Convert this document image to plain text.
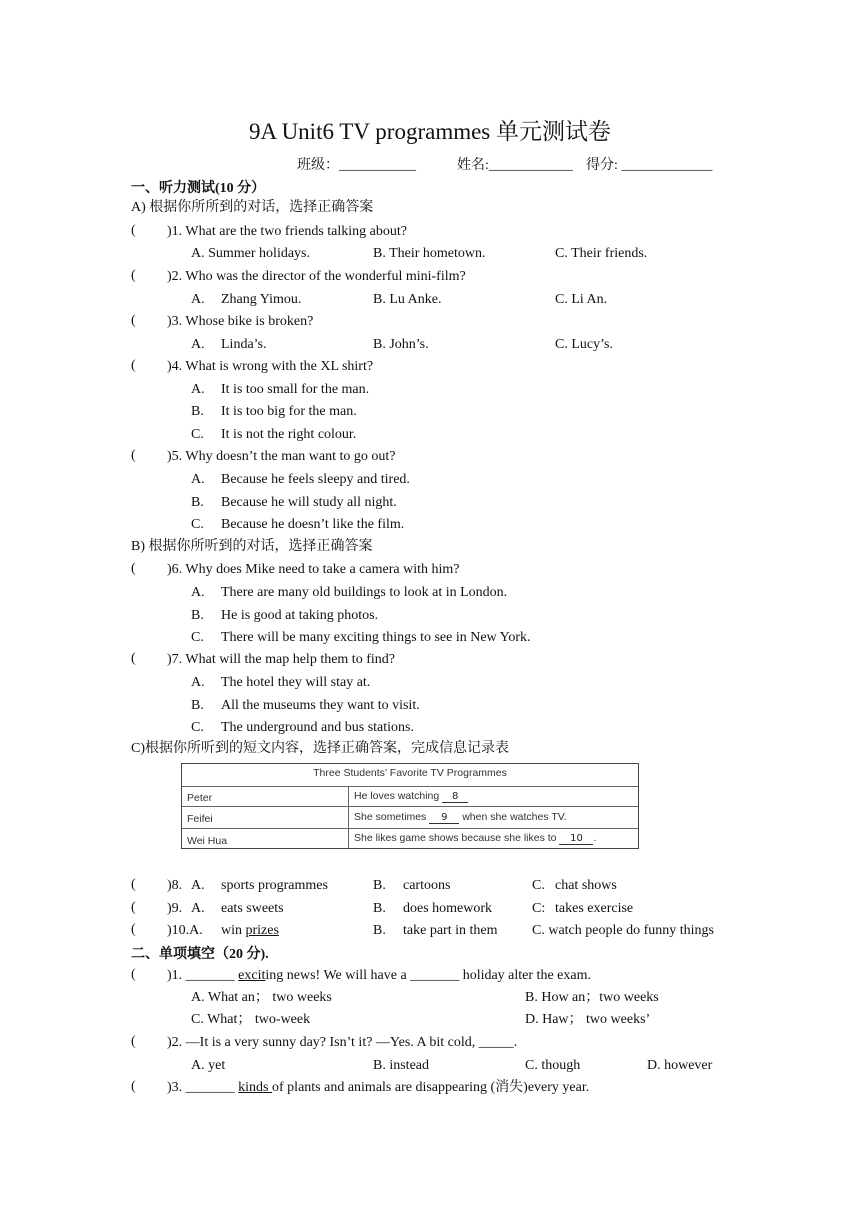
9A Unit6 TV programmes 单元测试卷
班级：___________	姓名:____________ 得分: _____________
一、听力测试(10 分）
A) 根据你所所到的对话，选择正确答案
( )1. What are the two friends talking about?
A. Summer holidays.	B. Their hometown.	C. Their friends.
( )2. Who was the director of the wonderful mini-film?
A. Zhang Yimou.	B. Lu Anke.	C. Li An.
( )3. Whose bike is broken?
A. Linda’s.	B. John’s.	C. Lucy’s.
( )4. What is wrong with the XL shirt?
A. It is too small for the man.
B. It is too big for the man.
C. It is not the right colour.
( )5. Why doesn’t the man want to go out?
A. Because he feels sleepy and tired.
B. Because he will study all night.
C. Because he doesn’t like the film.
B) 根据你所听到的对话，选择正确答案
( )6. Why does Mike need to take a camera with him?
A. There are many old buildings to look at in London.
B. He is good at taking photos.
C. There will be many exciting things to see in New York.
( )7. What will the map help them to find?
A. The hotel they will stay at.
B. All the museums they want to visit.
C. The underground and bus stations.
C)根据你所听到的短文内容，选择正确答案，完成信息记录表
Three Students’ Favorite TV Programmes
Peter	He loves watching 8
Feifei	She sometimes 9 when she watches TV.
Wei Hua	She likes game shows because she likes to 10 .
( )8. A. sports programmes	B. cartoons	C. chat shows
( )9. A. eats sweets	B. does homework	C: takes exercise
( )10.A. win prizes	B. take part in them C. watch people do funny things
二、单项填空（20 分).
( )1. _______ exciting news! We will have a _______ holiday alter the exam.
A. What an； two weeks	B. How an；two weeks
C. What； two-week	D. Haw； two weeks’
( )2. —It is a very sunny day? Isn’t it? —Yes. A bit cold, _____.
A. yet	B. instead	C. though	D. however
( )3. _______ kinds of plants and animals are disappearing (消失)every year.
